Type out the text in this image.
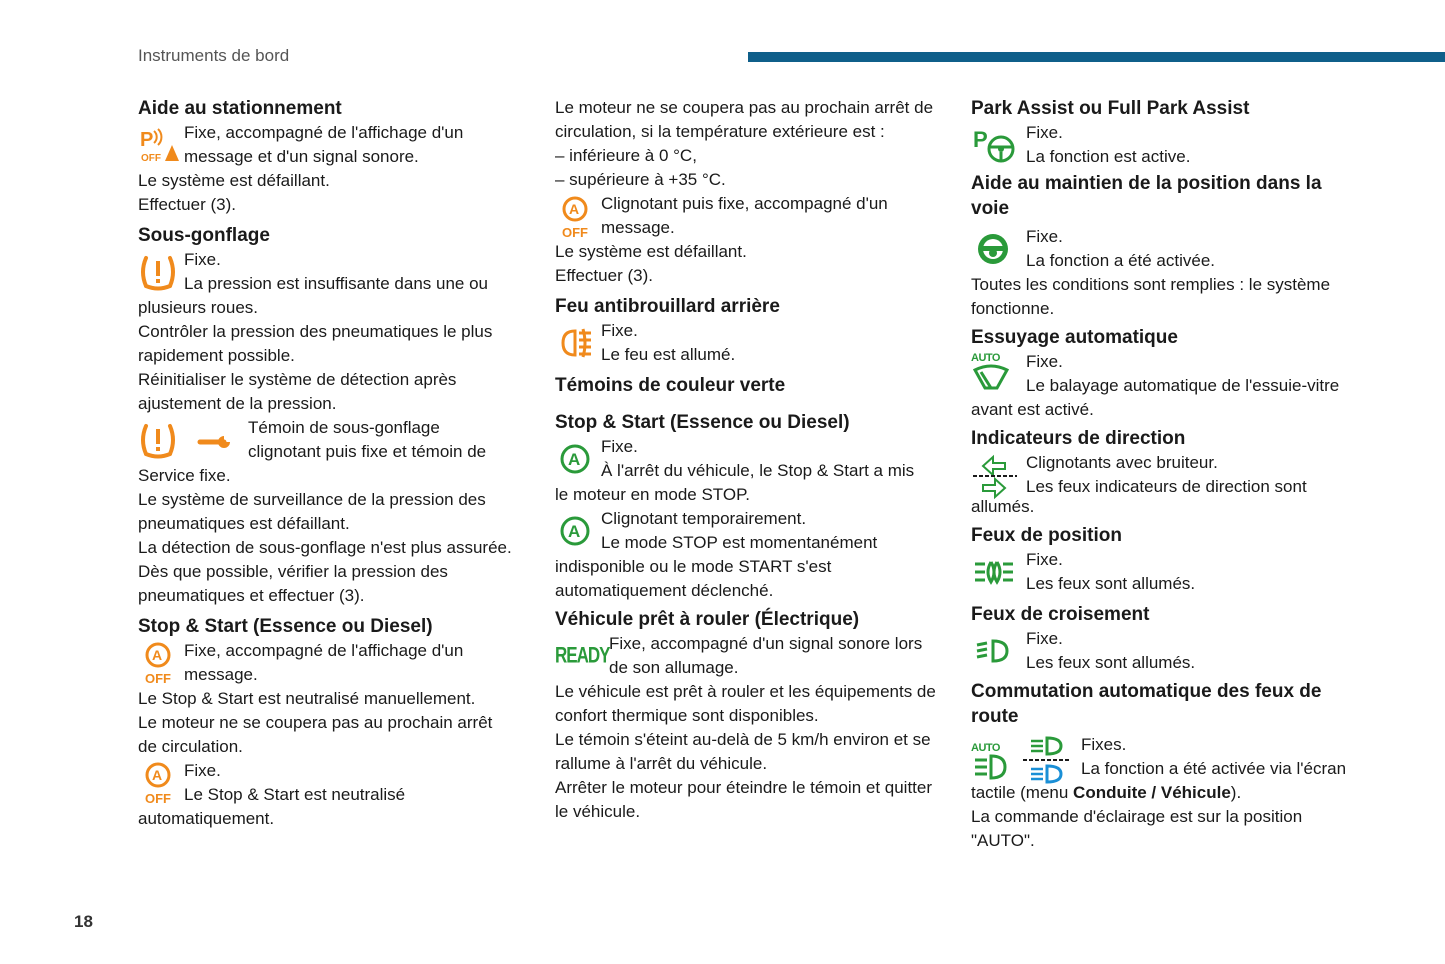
Instruments de bord
18
Aide au stationnement
P
OFF

Fixe, accompagné de l'affichage d'un

message et d'un signal sonore.

Le système est défaillant.

Effectuer (3).

Sous-gonflage

Fixe.

La pression est insuffisante dans une ou

plusieurs roues.

Contrôler la pression des pneumatiques le plus rapidement possible.

Réinitialiser le système de détection après ajustement de la pression.

Témoin de sous-gonflage

clignotant puis fixe et témoin de

Service fixe.

Le système de surveillance de la pression des pneumatiques est défaillant.

La détection de sous-gonflage n'est plus assurée.

Dès que possible, vérifier la pression des pneumatiques et effectuer (3).

Stop & Start (Essence ou Diesel)
A
OFF

Fixe, accompagné de l'affichage d'un

message.

Le Stop & Start est neutralisé manuellement.

Le moteur ne se coupera pas au prochain arrêt de circulation.

A
OFF

Fixe.

Le Stop & Start est neutralisé

automatiquement.

Le moteur ne se coupera pas au prochain arrêt de circulation, si la température extérieure est :

– inférieure à 0 °C,

– supérieure à +35 °C.

A
OFF

Clignotant puis fixe, accompagné d'un

message.

Le système est défaillant.

Effectuer (3).

Feu antibrouillard arrière

Fixe.

Le feu est allumé.

Témoins de couleur verte
Stop & Start (Essence ou Diesel)
A

Fixe.

À l'arrêt du véhicule, le Stop & Start a mis

le moteur en mode STOP.

A

Clignotant temporairement.

Le mode STOP est momentanément

indisponible ou le mode START s'est automatiquement déclenché.

Véhicule prêt à rouler (Électrique)
READY Fixe, accompagné d'un signal sonore lors

de son allumage.

Le véhicule est prêt à rouler et les équipements de confort thermique sont disponibles.

Le témoin s'éteint au-delà de 5 km/h environ et se rallume à l'arrêt du véhicule.

Arrêter le moteur pour éteindre le témoin et quitter le véhicule.

Park Assist ou Full Park Assist
P Fixe.

La fonction est active.

Aide au maintien de la position dans la voie

Fixe.

La fonction a été activée.

Toutes les conditions sont remplies : le système fonctionne.

Essuyage automatique
AUTO Fixe.

Le balayage automatique de l'essuie-vitre

avant est activé.

Indicateurs de direction

Clignotants avec bruiteur.

Les feux indicateurs de direction sont

allumés.

Feux de position

Fixe.

Les feux sont allumés.

Feux de croisement

Fixe.

Les feux sont allumés.

Commutation automatique des feux de route
AUTO	Fixes.

La fonction a été activée via l'écran

tactile (menu Conduite / Véhicule).

La commande d'éclairage est sur la position "AUTO".
